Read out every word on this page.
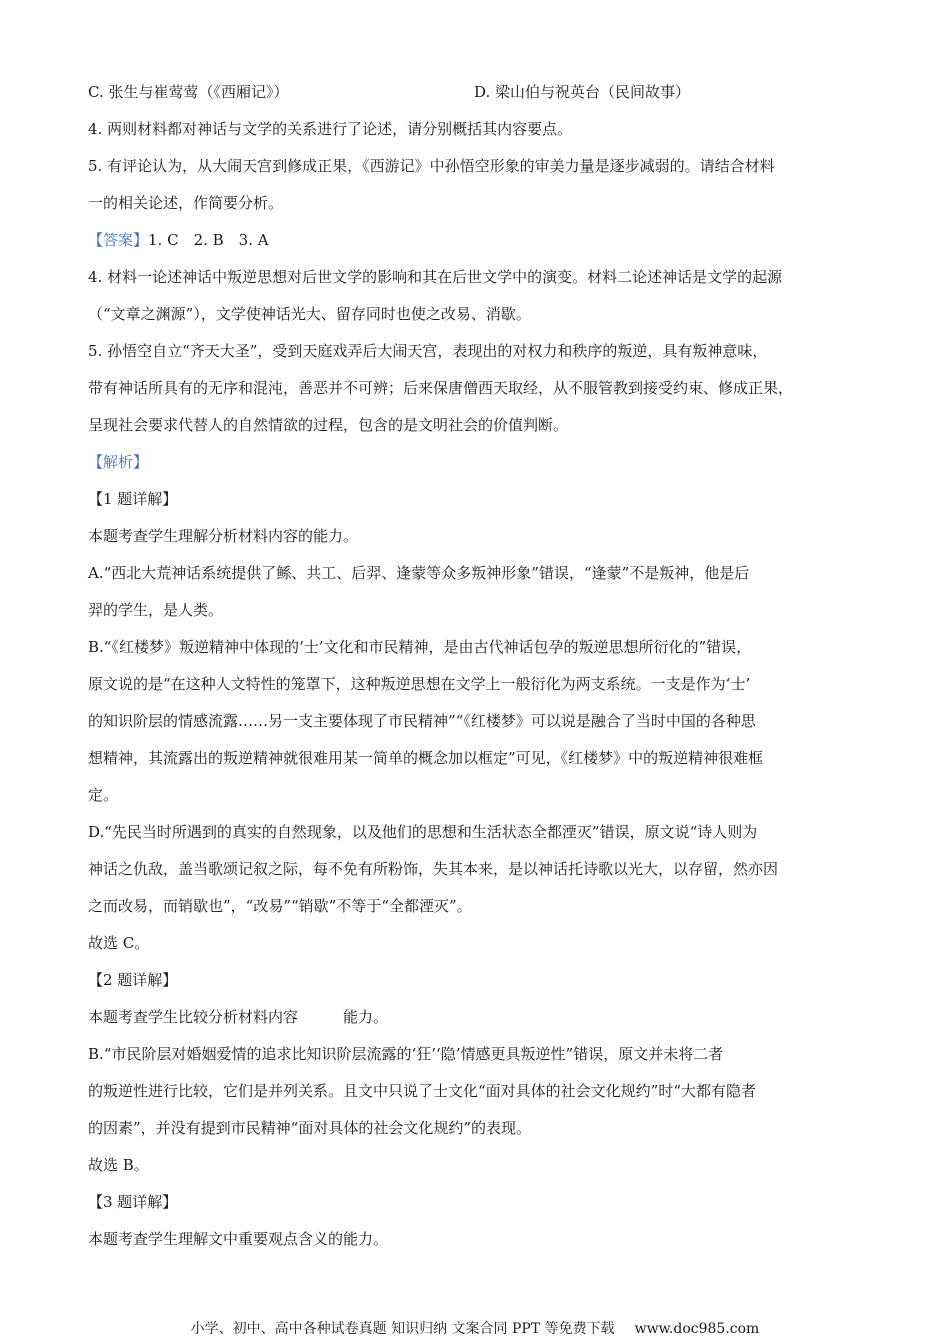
C. 张生与崔莺莺（《西厢记》）	D. 梁山伯与祝英台（民间故事）
4. 两则材料都对神话与文学的关系进行了论述，请分别概括其内容要点。
5. 有评论认为，从大闹天宫到修成正果，《西游记》中孙悟空形象的审美力量是逐步减弱的。请结合材料
一的相关论述，作简要分析。
【答案】1. C　2. B　3. A
4. 材料一论述神话中叛逆思想对后世文学的影响和其在后世文学中的演变。材料二论述神话是文学的起源
（“文章之渊源”），文学使神话光大、留存同时也使之改易、消歇。
5. 孙悟空自立“齐天大圣”，受到天庭戏弄后大闹天宫，表现出的对权力和秩序的叛逆，具有叛神意味，
带有神话所具有的无序和混沌，善恶并不可辨；后来保唐僧西天取经，从不服管教到接受约束、修成正果，
呈现社会要求代替人的自然情欲的过程，包含的是文明社会的价值判断。
【解析】
【1 题详解】
本题考查学生理解分析材料内容的能力。
A.“西北大荒神话系统提供了鲧、共工、后羿、逢蒙等众多叛神形象”错误，“逢蒙”不是叛神，他是后
羿的学生，是人类。
B.“《红楼梦》叛逆精神中体现的‘士’文化和市民精神，是由古代神话包孕的叛逆思想所衍化的”错误，
原文说的是“在这种人文特性的笼罩下，这种叛逆思想在文学上一般衍化为两支系统。一支是作为‘士’
的知识阶层的情感流露……另一支主要体现了市民精神”“《红楼梦》可以说是融合了当时中国的各种思
想精神，其流露出的叛逆精神就很难用某一简单的概念加以框定”可见，《红楼梦》中的叛逆精神很难框
定。
D.“先民当时所遇到的真实的自然现象，以及他们的思想和生活状态全都湮灭”错误，原文说“诗人则为
神话之仇敌，盖当歌颂记叙之际，每不免有所粉饰，失其本来，是以神话托诗歌以光大，以存留，然亦因
之而改易，而销歇也”，“改易”“销歇”不等于“全都湮灭”。
故选 C。
【2 题详解】
本题考查学生比较分析材料内容　　　能力。
B.“市民阶层对婚姻爱情的追求比知识阶层流露的‘狂’‘隐’情感更具叛逆性”错误，原文并未将二者
的叛逆性进行比较，它们是并列关系。且文中只说了士文化“面对具体的社会文化规约”时“大都有隐者
的因素”，并没有提到市民精神“面对具体的社会文化规约”的表现。
故选 B。
【3 题详解】
本题考查学生理解文中重要观点含义的能力。
小学、初中、高中各种试卷真题 知识归纳 文案合同 PPT 等免费下载 www.doc985.com
